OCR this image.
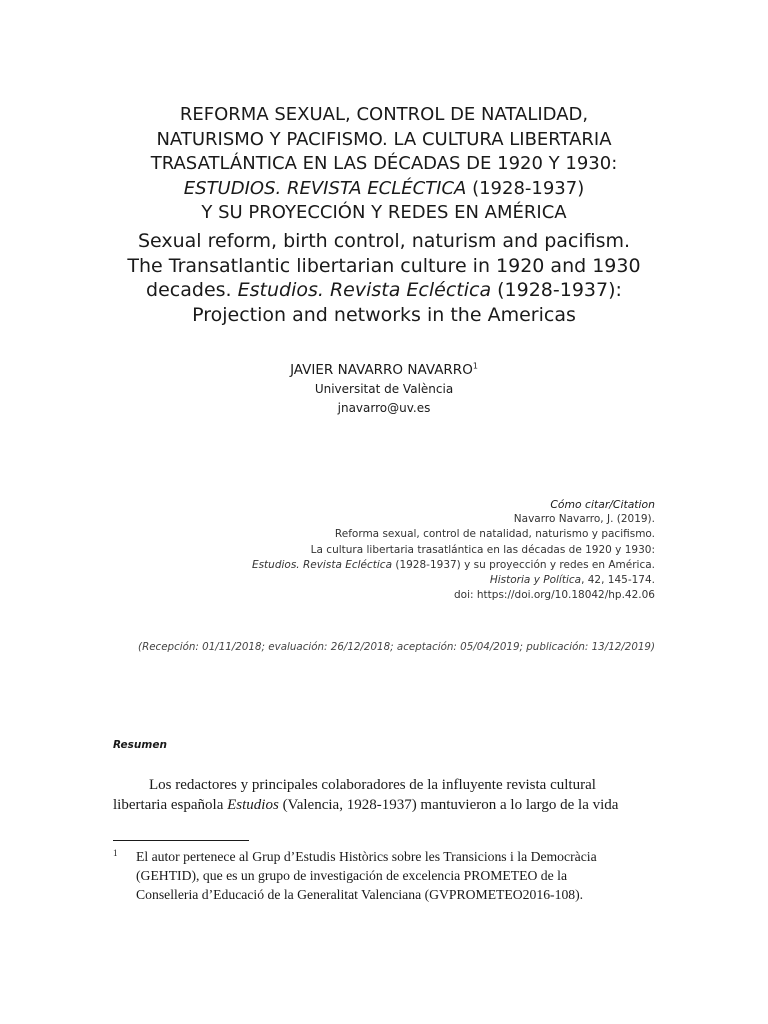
REFORMA SEXUAL, CONTROL DE NATALIDAD,
NATURISMO Y PACIFISMO. LA CULTURA LIBERTARIA
TRASATLÁNTICA EN LAS DÉCADAS DE 1920 Y 1930:
ESTUDIOS. REVISTA ECLÉCTICA (1928-1937)
Y SU PROYECCIÓN Y REDES EN AMÉRICA
Sexual reform, birth control, naturism and pacifism.
The Transatlantic libertarian culture in 1920 and 1930
decades. Estudios. Revista Ecléctica (1928-1937):
Projection and networks in the Americas
JAVIER NAVARRO NAVARRO$^1$
Universitat de València
jnavarro@uv.es
Cómo citar/Citation
Navarro Navarro, J. (2019).
Reforma sexual, control de natalidad, naturismo y pacifismo.
La cultura libertaria trasatlántica en las décadas de 1920 y 1930:
Estudios. Revista Ecléctica (1928-1937) y su proyección y redes en América.
Historia y Política, 42, 145-174.
doi: https://doi.org/10.18042/hp.42.06
(Recepción: 01/11/2018; evaluación: 26/12/2018; aceptación: 05/04/2019; publicación: 13/12/2019)
Resumen
Los redactores y principales colaboradores de la influyente revista cultural
libertaria española Estudios (Valencia, 1928-1937) mantuvieron a lo largo de la vida
1 El autor pertenece al Grup d’Estudis Històrics sobre les Transicions i la Democràcia
(GEHTID), que es un grupo de investigación de excelencia PROMETEO de la
Conselleria d’Educació de la Generalitat Valenciana (GVPROMETEO2016-108).
